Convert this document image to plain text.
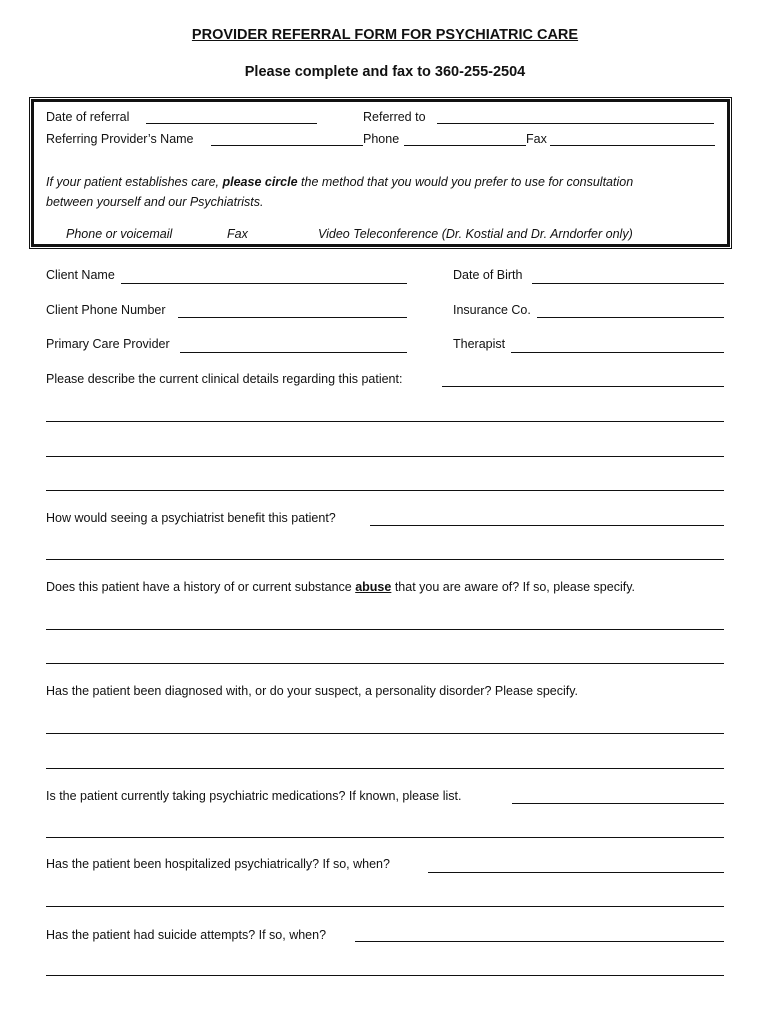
PROVIDER REFERRAL FORM FOR PSYCHIATRIC CARE
Please complete and fax to 360-255-2504
Date of referral	Referred to
Referring Provider’s Name	Phone	Fax
If your patient establishes care, please circle the method that you would you prefer to use for consultation
between yourself and our Psychiatrists.
Phone or voicemail	Fax	Video Teleconference (Dr. Kostial and Dr. Arndorfer only)
Client Name	Date of Birth
Client Phone Number	Insurance Co.
Primary Care Provider	Therapist
Please describe the current clinical details regarding this patient:
How would seeing a psychiatrist benefit this patient?
Does this patient have a history of or current substance abuse that you are aware of? If so, please specify.
Has the patient been diagnosed with, or do your suspect, a personality disorder? Please specify.
Is the patient currently taking psychiatric medications? If known, please list.
Has the patient been hospitalized psychiatrically? If so, when?
Has the patient had suicide attempts? If so, when?
